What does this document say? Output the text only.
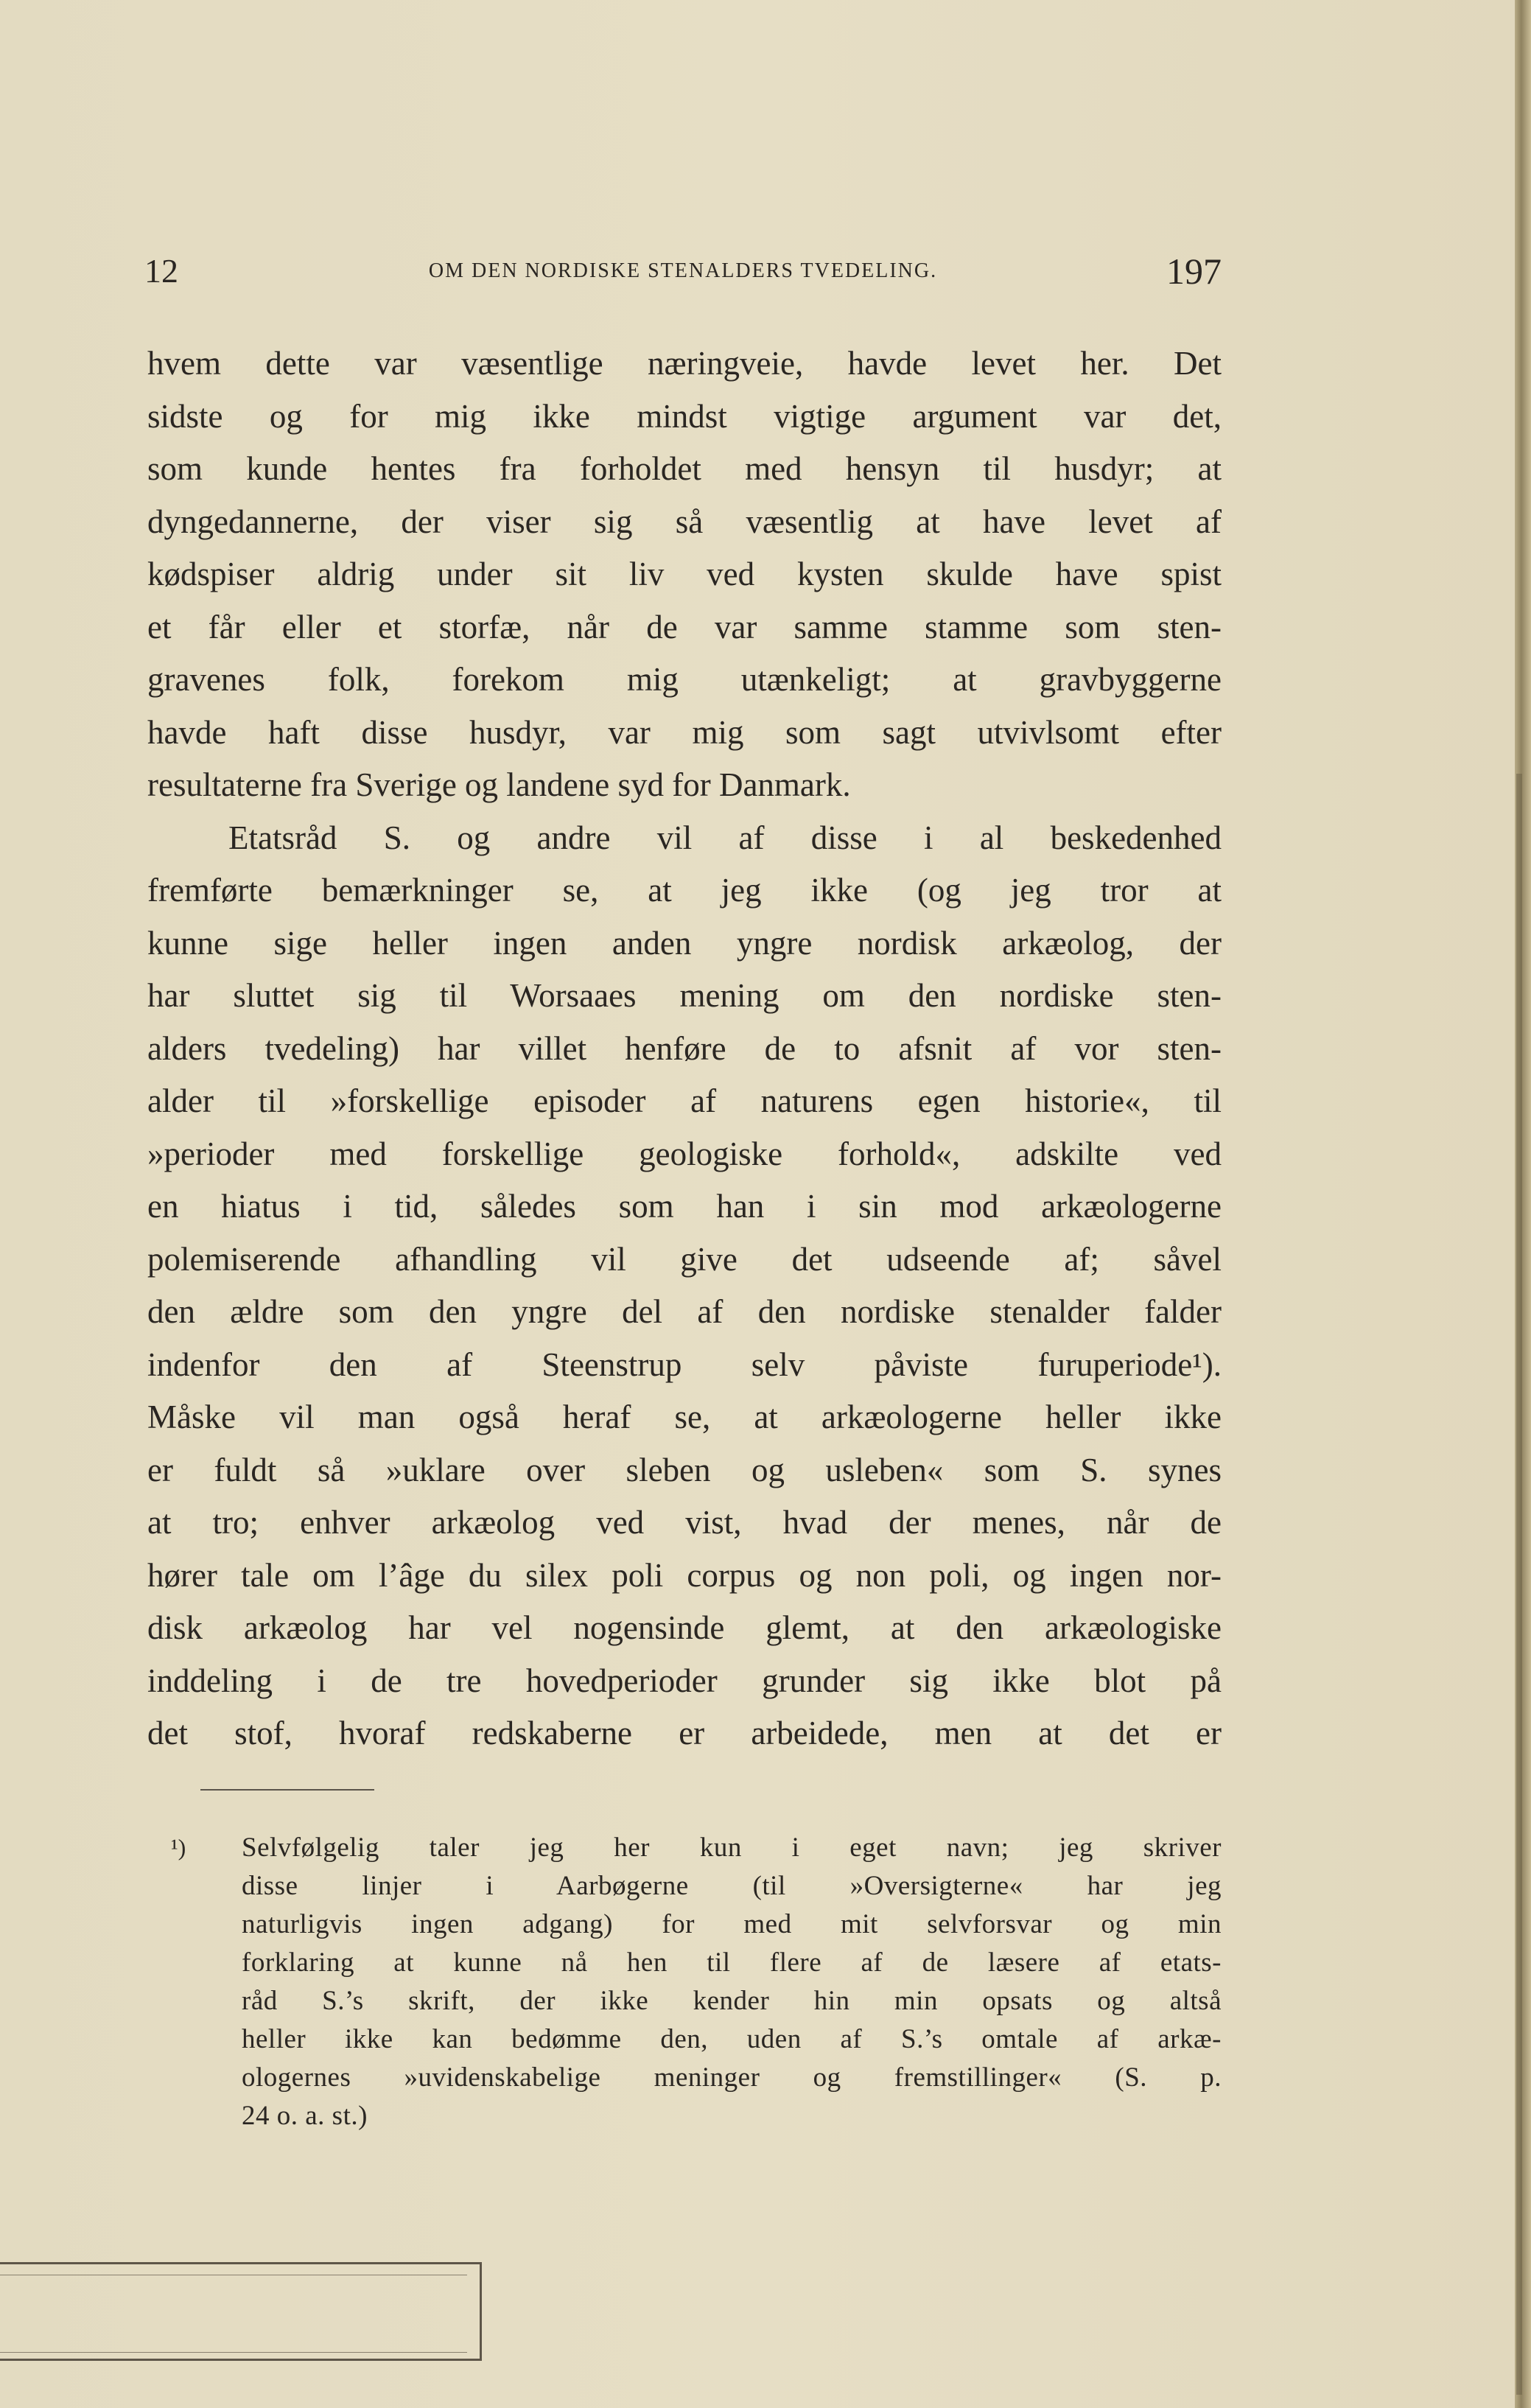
12	OM DEN NORDISKE STENALDERS TVEDELING.	197
hvem dette var væsentlige næringveie, havde levet her. Det
sidste og for mig ikke mindst vigtige argument var det,
som kunde hentes fra forholdet med hensyn til husdyr; at
dyngedannerne, der viser sig så væsentlig at have levet af
kødspiser aldrig under sit liv ved kysten skulde have spist
et får eller et storfæ, når de var samme stamme som sten-
gravenes folk, forekom mig utænkeligt; at gravbyggerne
havde haft disse husdyr, var mig som sagt utvivlsomt efter
resultaterne fra Sverige og landene syd for Danmark.
Etatsråd S. og andre vil af disse i al beskedenhed
fremførte bemærkninger se, at jeg ikke (og jeg tror at
kunne sige heller ingen anden yngre nordisk arkæolog, der
har sluttet sig til Worsaaes mening om den nordiske sten-
alders tvedeling) har villet henføre de to afsnit af vor sten-
alder til »forskellige episoder af naturens egen historie«, til
»perioder med forskellige geologiske forhold«, adskilte ved
en hiatus i tid, således som han i sin mod arkæologerne
polemiserende afhandling vil give det udseende af; såvel
den ældre som den yngre del af den nordiske stenalder falder
indenfor den af Steenstrup selv påviste furuperiode¹).
Måske vil man også heraf se, at arkæologerne heller ikke
er fuldt så »uklare over sleben og usleben« som S. synes
at tro; enhver arkæolog ved vist, hvad der menes, når de
hører tale om l’âge du silex poli corpus og non poli, og ingen nor-
disk arkæolog har vel nogensinde glemt, at den arkæologiske
inddeling i de tre hovedperioder grunder sig ikke blot på
det stof, hvoraf redskaberne er arbeidede, men at det er
¹) Selvfølgelig taler jeg her kun i eget navn; jeg skriver
disse linjer i Aarbøgerne (til »Oversigterne« har jeg
naturligvis ingen adgang) for med mit selvforsvar og min
forklaring at kunne nå hen til flere af de læsere af etats-
råd S.’s skrift, der ikke kender hin min opsats og altså
heller ikke kan bedømme den, uden af S.’s omtale af arkæ-
ologernes »uvidenskabelige meninger og fremstillinger« (S. p.
24 o. a. st.)
